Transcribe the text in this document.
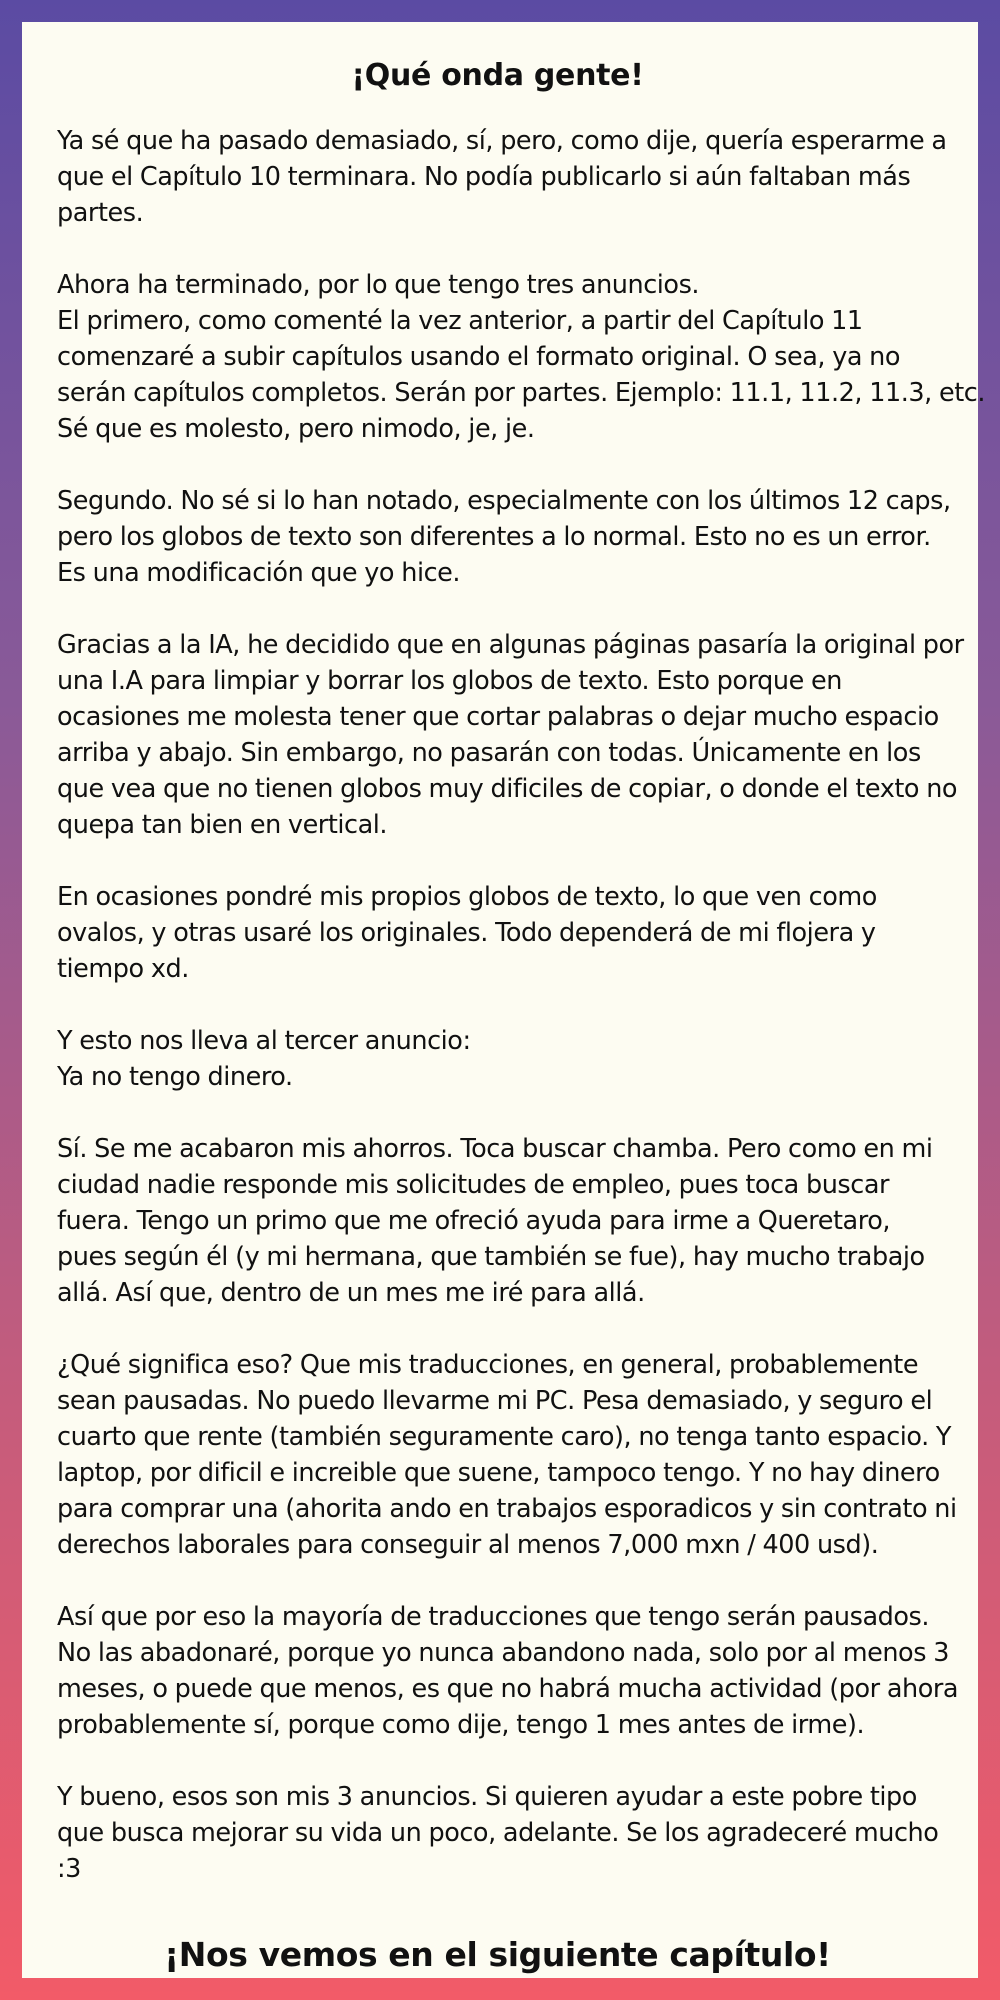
¡Qué onda gente!
Ya sé que ha pasado demasiado, sí, pero, como dije, quería esperarme a
que el Capítulo 10 terminara. No podía publicarlo si aún faltaban más
partes.
Ahora ha terminado, por lo que tengo tres anuncios.
El primero, como comenté la vez anterior, a partir del Capítulo 11
comenzaré a subir capítulos usando el formato original. O sea, ya no
serán capítulos completos. Serán por partes. Ejemplo: 11.1, 11.2, 11.3, etc.
Sé que es molesto, pero nimodo, je, je.
Segundo. No sé si lo han notado, especialmente con los últimos 12 caps,
pero los globos de texto son diferentes a lo normal. Esto no es un error.
Es una modificación que yo hice.
Gracias a la IA, he decidido que en algunas páginas pasaría la original por
una I.A para limpiar y borrar los globos de texto. Esto porque en
ocasiones me molesta tener que cortar palabras o dejar mucho espacio
arriba y abajo. Sin embargo, no pasarán con todas. Únicamente en los
que vea que no tienen globos muy dificiles de copiar, o donde el texto no
quepa tan bien en vertical.
En ocasiones pondré mis propios globos de texto, lo que ven como
ovalos, y otras usaré los originales. Todo dependerá de mi flojera y
tiempo xd.
Y esto nos lleva al tercer anuncio:
Ya no tengo dinero.
Sí. Se me acabaron mis ahorros. Toca buscar chamba. Pero como en mi
ciudad nadie responde mis solicitudes de empleo, pues toca buscar
fuera. Tengo un primo que me ofreció ayuda para irme a Queretaro,
pues según él (y mi hermana, que también se fue), hay mucho trabajo
allá. Así que, dentro de un mes me iré para allá.
¿Qué significa eso? Que mis traducciones, en general, probablemente
sean pausadas. No puedo llevarme mi PC. Pesa demasiado, y seguro el
cuarto que rente (también seguramente caro), no tenga tanto espacio. Y
laptop, por dificil e increible que suene, tampoco tengo. Y no hay dinero
para comprar una (ahorita ando en trabajos esporadicos y sin contrato ni
derechos laborales para conseguir al menos 7,000 mxn / 400 usd).
Así que por eso la mayoría de traducciones que tengo serán pausados.
No las abadonaré, porque yo nunca abandono nada, solo por al menos 3
meses, o puede que menos, es que no habrá mucha actividad (por ahora
probablemente sí, porque como dije, tengo 1 mes antes de irme).
Y bueno, esos son mis 3 anuncios. Si quieren ayudar a este pobre tipo
que busca mejorar su vida un poco, adelante. Se los agradeceré mucho
:3
¡Nos vemos en el siguiente capítulo!
